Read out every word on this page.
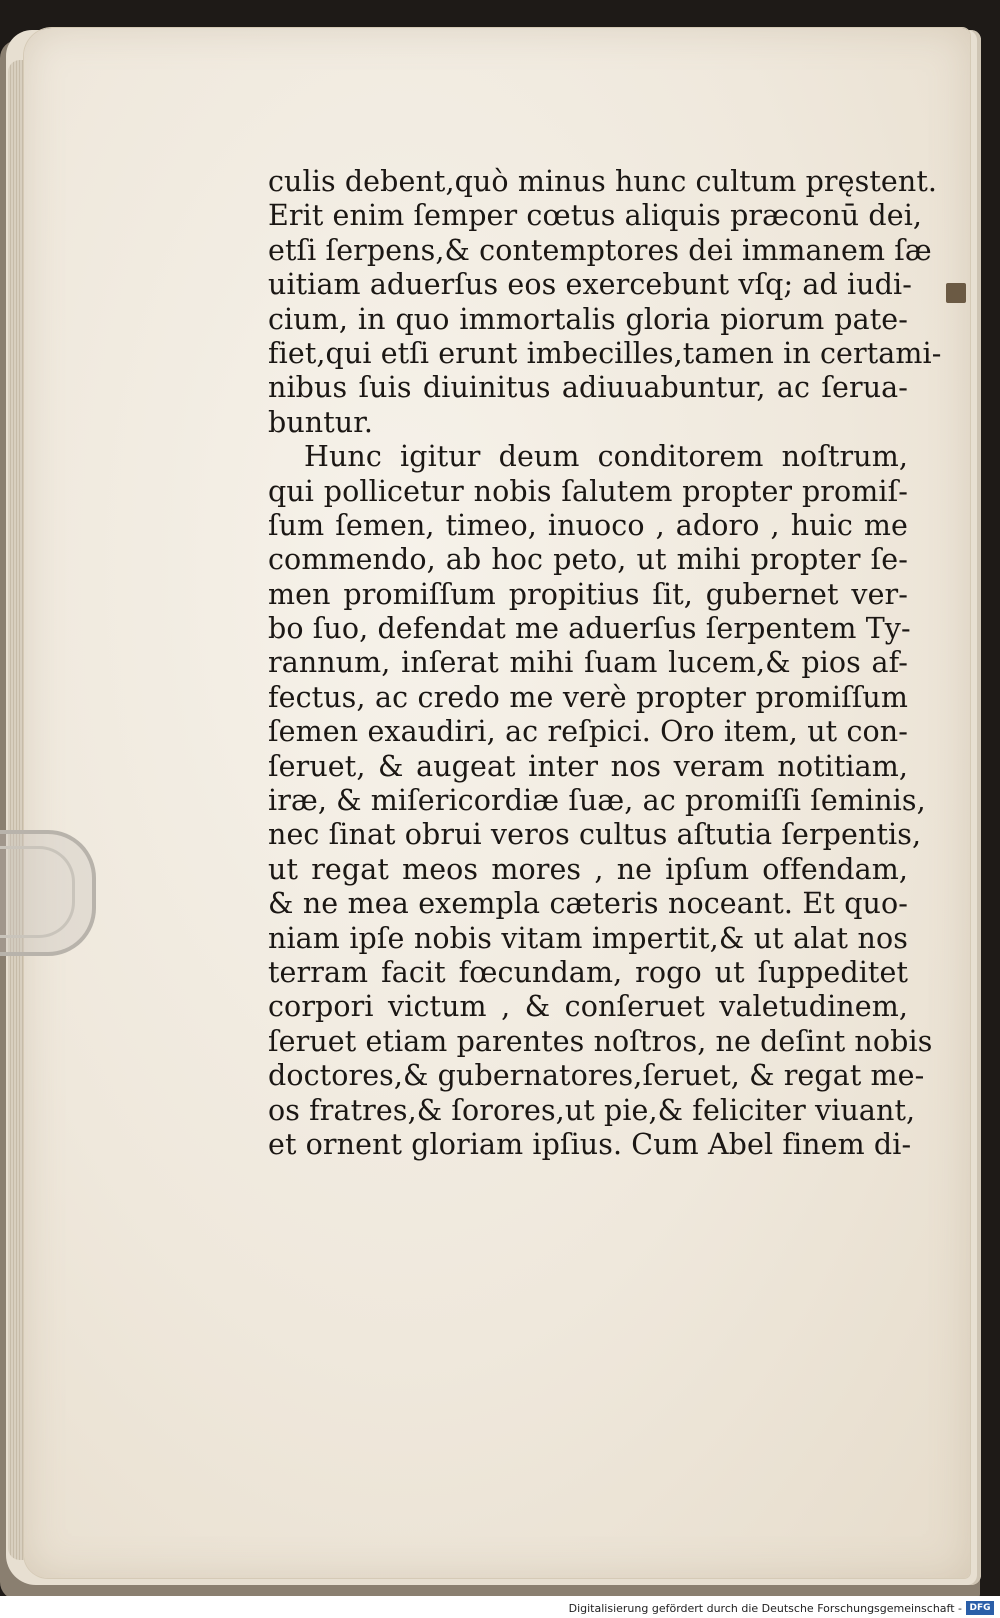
culis debent,quò minus hunc cultum pręstent.
Erit enim ſemper cœtus aliquis præconū dei,
etſi ſerpens,& contemptores dei immanem ſæ
uitiam aduerſus eos exercebunt vſq; ad iudi-
cium, in quo immortalis gloria piorum pate-
fiet,qui etſi erunt imbecilles,tamen in certami-
nibus ſuis diuinitus adiuuabuntur, ac ſerua-
buntur.
Hunc igitur deum conditorem noſtrum,
qui pollicetur nobis ſalutem propter promiſ-
ſum ſemen, timeo, inuoco , adoro , huic me
commendo, ab hoc peto, ut mihi propter ſe-
men promiſſum propitius ſit, gubernet ver-
bo ſuo, defendat me aduerſus ſerpentem Ty-
rannum, inſerat mihi ſuam lucem,& pios af-
fectus, ac credo me verè propter promiſſum
ſemen exaudiri, ac reſpici. Oro item, ut con-
ſeruet, & augeat inter nos veram notitiam,
iræ, & miſericordiæ ſuæ, ac promiſſi ſeminis,
nec ſinat obrui veros cultus aſtutia ſerpentis,
ut regat meos mores , ne ipſum offendam,
& ne mea exempla cæteris noceant. Et quo-
niam ipſe nobis vitam impertit,& ut alat nos
terram facit fœcundam, rogo ut ſuppeditet
corpori victum , & conſeruet valetudinem,
ſeruet etiam parentes noſtros, ne deſint nobis
doctores,& gubernatores,ſeruet, & regat me-
os fratres,& ſorores,ut pie,& feliciter viuant,
et ornent gloriam ipſius. Cum Abel finem di-
Digitalisierung gefördert durch die Deutsche Forschungsgemeinschaft - DFG
